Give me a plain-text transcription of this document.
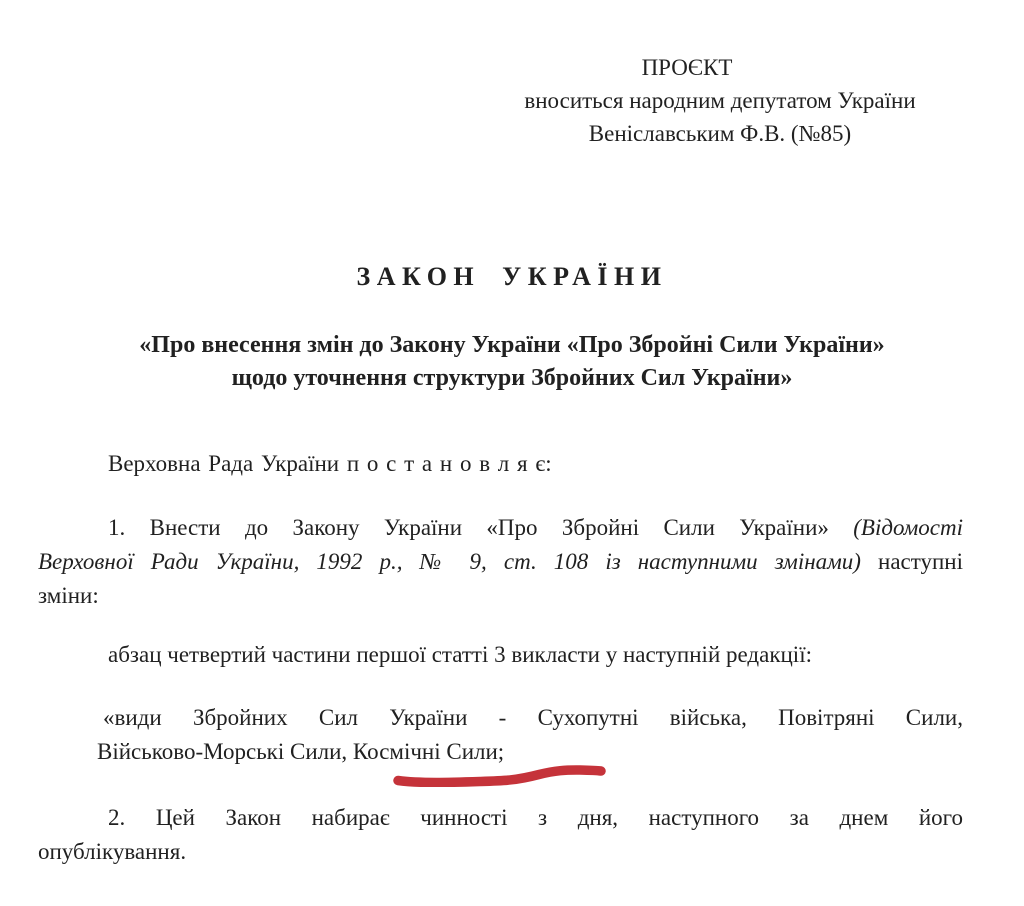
ПРОЄКТ
вноситься народним депутатом України
Веніславським Ф.В. (№85)
ЗАКОН УКРАЇНИ
«Про внесення змін до Закону України «Про Збройні Сили України»
щодо уточнення структури Збройних Сил України»
Верховна Рада України п о с т а н о в л я є:
1. Внести до Закону України «Про Збройні Сили України» (Відомості
Верховної Ради України, 1992 р., № 9, ст. 108 із наступними змінами) наступні
зміни:
абзац четвертий частини першої статті 3 викласти у наступній редакції:
«види Збройних Сил України - Сухопутні війська, Повітряні Сили,
Військово-Морські Сили, Космічні Сили;
2. Цей Закон набирає чинності з дня, наступного за днем його
опублікування.
